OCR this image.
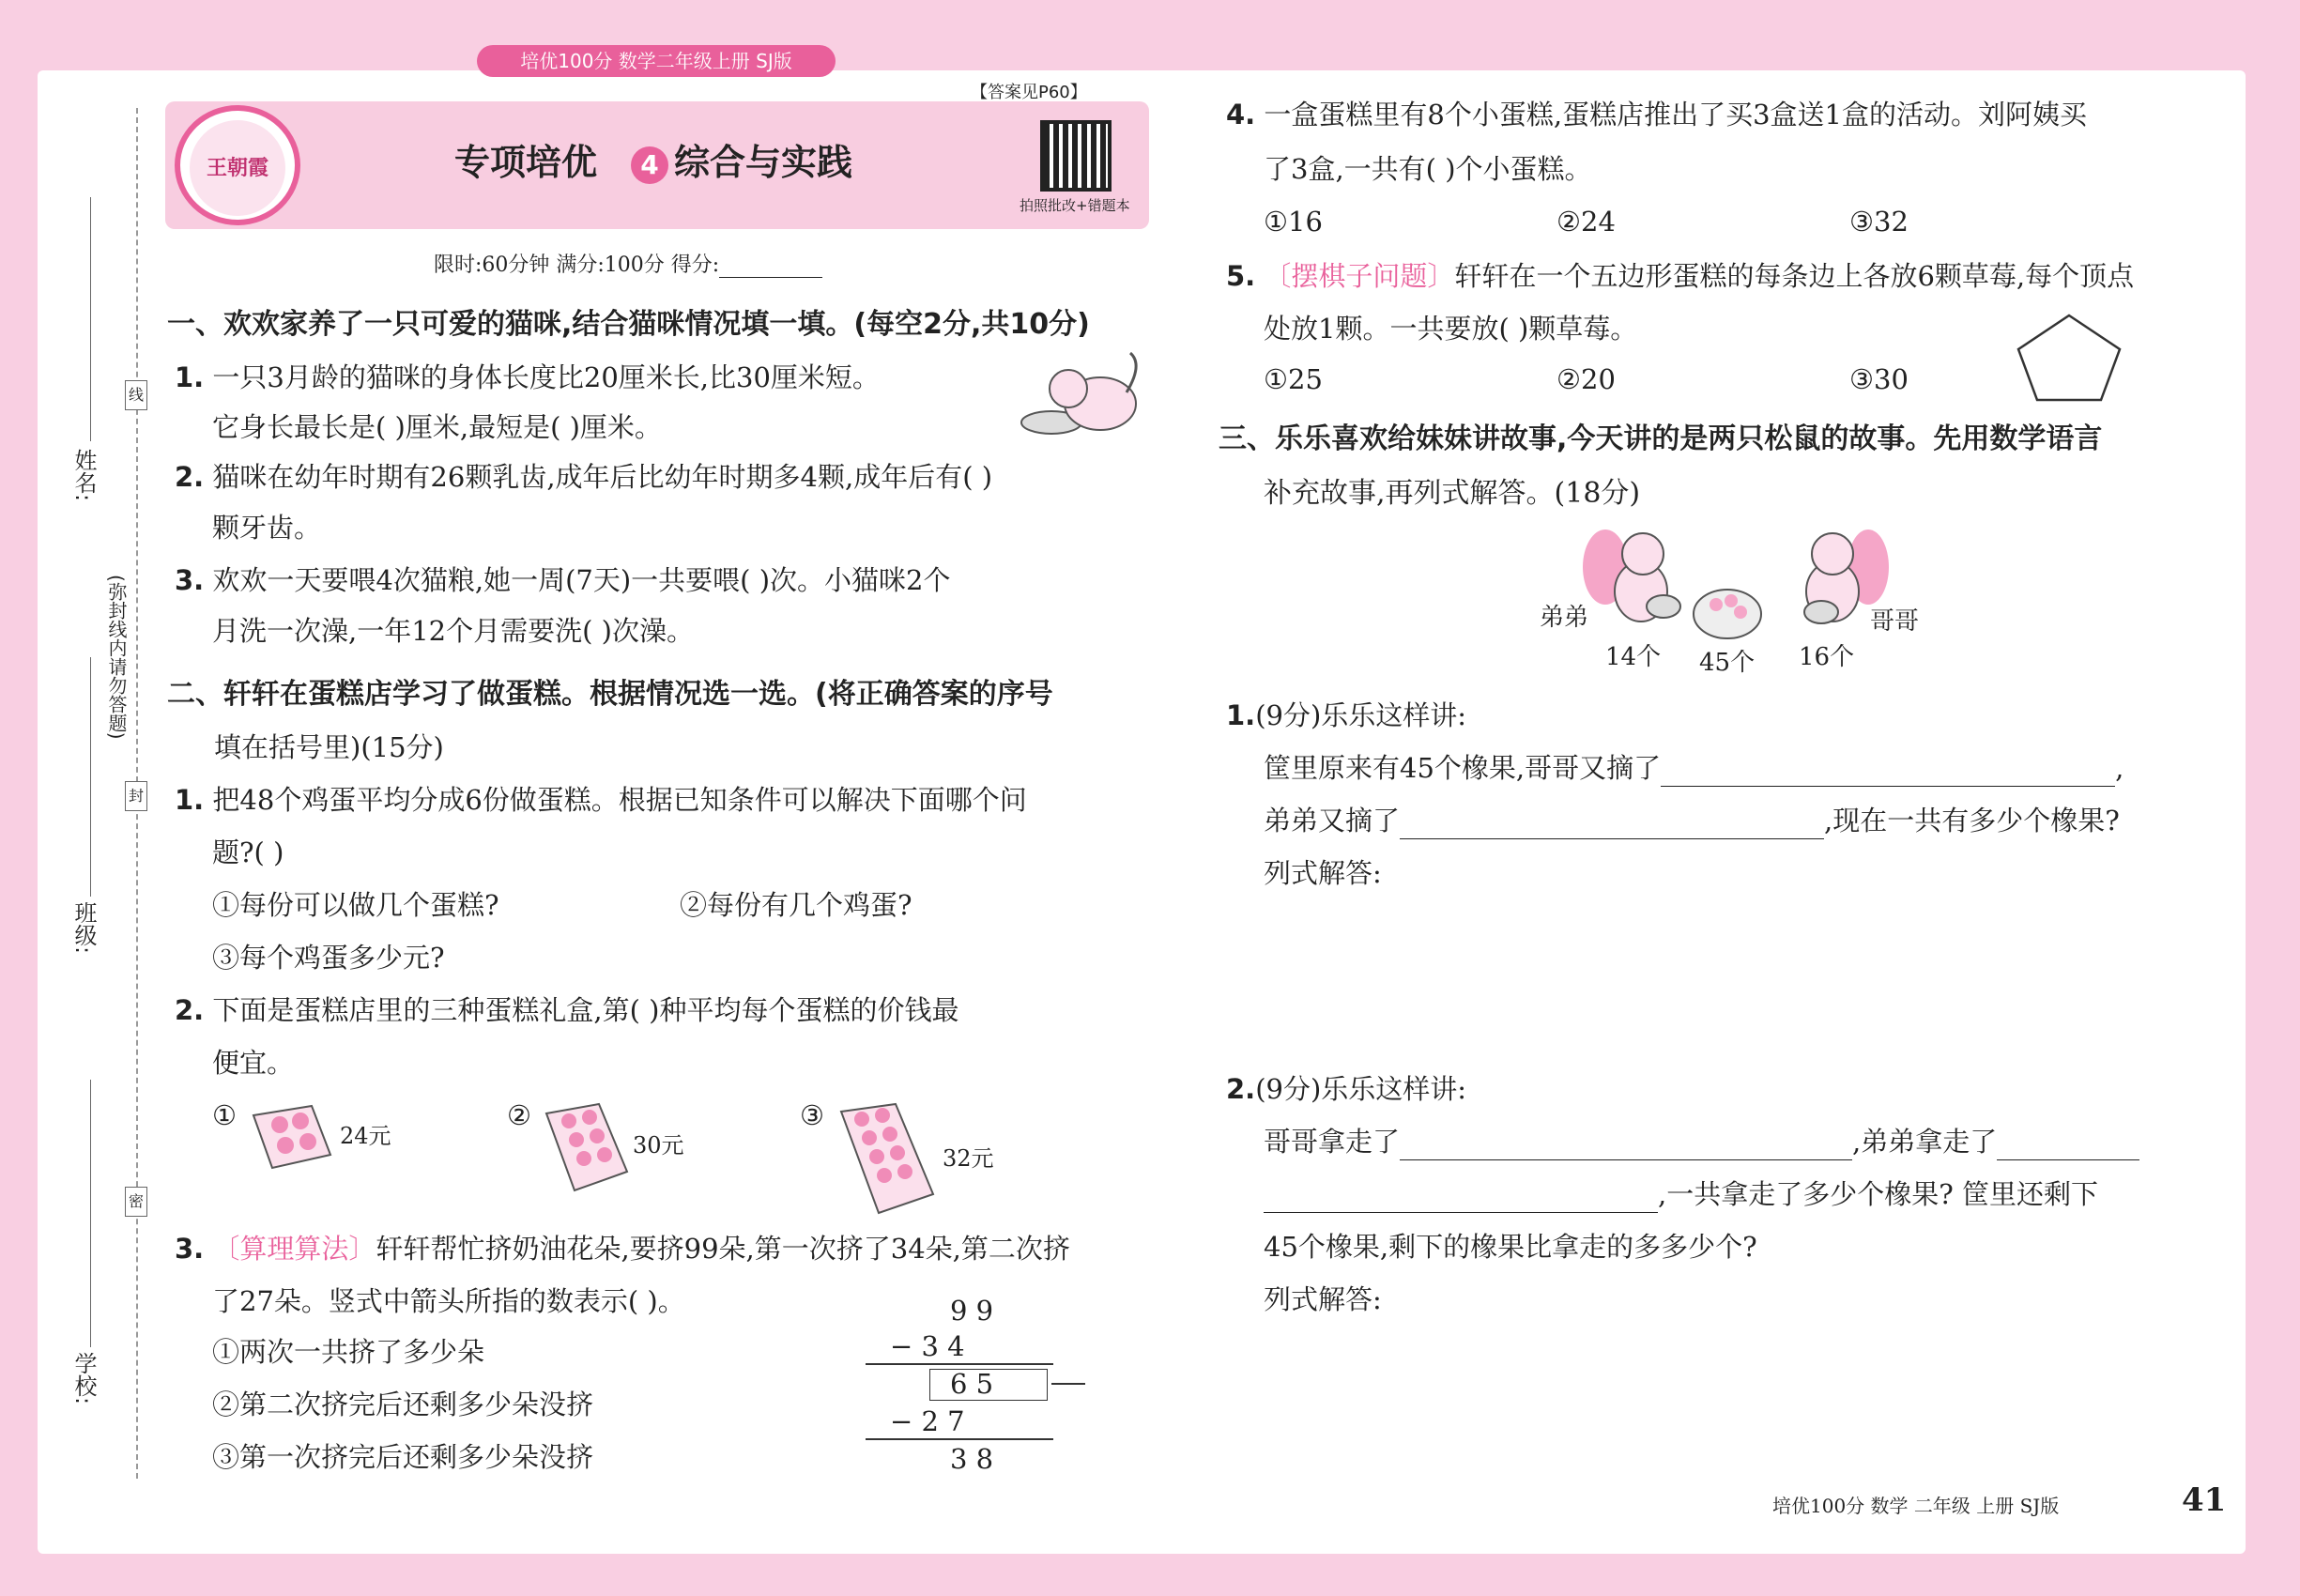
培优100分 数学二年级上册 SJ版
姓名:
线
(弥封线内请勿答题)
封
班级:
密
学校:
王朝霞	专项培优 4 综合与实践
【答案见P60】
拍照批改+错题本
限时:60分钟 满分:100分 得分:
一、欢欢家养了一只可爱的猫咪,结合猫咪情况填一填。(每空2分,共10分)
1. 一只3月龄的猫咪的身体长度比20厘米长,比30厘米短。
它身长最长是( )厘米,最短是( )厘米。
2. 猫咪在幼年时期有26颗乳齿,成年后比幼年时期多4颗,成年后有( )
颗牙齿。
3. 欢欢一天要喂4次猫粮,她一周(7天)一共要喂( )次。小猫咪2个
月洗一次澡,一年12个月需要洗( )次澡。
二、轩轩在蛋糕店学习了做蛋糕。根据情况选一选。(将正确答案的序号
填在括号里)(15分)
1. 把48个鸡蛋平均分成6份做蛋糕。根据已知条件可以解决下面哪个问
题?( )
①每份可以做几个蛋糕?	②每份有几个鸡蛋?
③每个鸡蛋多少元?
2. 下面是蛋糕店里的三种蛋糕礼盒,第( )种平均每个蛋糕的价钱最
便宜。
①
24元
②
30元
③
32元
3. 〔算理算法〕轩轩帮忙挤奶油花朵,要挤99朵,第一次挤了34朵,第二次挤
了27朵。竖式中箭头所指的数表示( )。
①两次一共挤了多少朵
②第二次挤完后还剩多少朵没挤
③第一次挤完后还剩多少朵没挤
9 9
− 3 4
6 5
− 2 7
3 8
4. 一盒蛋糕里有8个小蛋糕,蛋糕店推出了买3盒送1盒的活动。刘阿姨买
了3盒,一共有( )个小蛋糕。
①16	②24	③32
5. 〔摆棋子问题〕轩轩在一个五边形蛋糕的每条边上各放6颗草莓,每个顶点
处放1颗。一共要放( )颗草莓。
①25	②20	③30
三、乐乐喜欢给妹妹讲故事,今天讲的是两只松鼠的故事。先用数学语言
补充故事,再列式解答。(18分)
弟弟	哥哥
14个 45个 16个
1.(9分)乐乐这样讲:
筐里原来有45个橡果,哥哥又摘了	,
弟弟又摘了	,现在一共有多少个橡果?
列式解答:
2.(9分)乐乐这样讲:
哥哥拿走了	,弟弟拿走了
,一共拿走了多少个橡果? 筐里还剩下
45个橡果,剩下的橡果比拿走的多多少个?
列式解答:
培优100分 数学 二年级 上册 SJ版	41
